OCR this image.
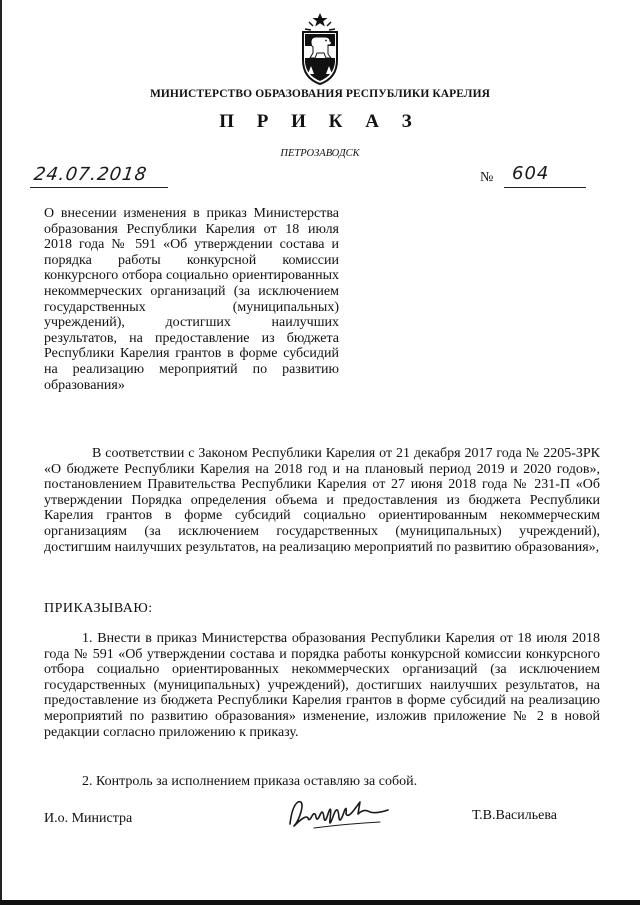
МИНИСТЕРСТВО ОБРАЗОВАНИЯ РЕСПУБЛИКИ КАРЕЛИЯ
П Р И К А З
ПЕТРОЗАВОДСК
24.07.2018	№ 604
О внесении изменения в приказ Министерства образования Республики Карелия от 18 июля 2018 года № 591 «Об утверждении состава и порядка работы конкурсной комиссии конкурсного отбора социально ориентированных некоммерческих организаций (за исключением государственных (муниципальных) учреждений), достигших наилучших результатов, на предоставление из бюджета Республики Карелия грантов в форме субсидий на реализацию мероприятий по развитию образования»
В соответствии с Законом Республики Карелия от 21 декабря 2017 года № 2205-ЗРК «О бюджете Республики Карелия на 2018 год и на плановый период 2019 и 2020 годов», постановлением Правительства Республики Карелия от 27 июня 2018 года № 231-П «Об утверждении Порядка определения объема и предоставления из бюджета Республики Карелия грантов в форме субсидий социально ориентированным некоммерческим организациям (за исключением государственных (муниципальных) учреждений), достигшим наилучших результатов, на реализацию мероприятий по развитию образования»,
ПРИКАЗЫВАЮ:
1. Внести в приказ Министерства образования Республики Карелия от 18 июля 2018 года № 591 «Об утверждении состава и порядка работы конкурсной комиссии конкурсного отбора социально ориентированных некоммерческих организаций (за исключением государственных (муниципальных) учреждений), достигших наилучших результатов, на предоставление из бюджета Республики Карелия грантов в форме субсидий на реализацию мероприятий по развитию образования» изменение, изложив приложение № 2 в новой редакции согласно приложению к приказу.
2. Контроль за исполнением приказа оставляю за собой.
И.о. Министра	Т.В.Васильева
